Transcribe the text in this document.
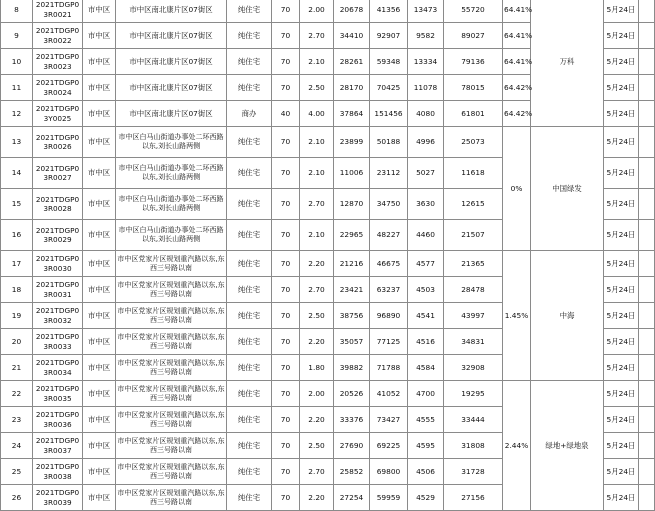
8	2021TDGP03R0021	市中区	市中区南北康片区07街区	纯住宅	70	2.00	20678	41356	13473	55720	64.41%	万科	5月24日	
9	2021TDGP03R0022	市中区	市中区南北康片区07街区	纯住宅	70	2.70	34410	92907	9582	89027	64.41%		5月24日	
10	2021TDGP03R0023	市中区	市中区南北康片区07街区	纯住宅	70	2.10	28261	59348	13334	79136	64.41%		5月24日	
11	2021TDGP03R0024	市中区	市中区南北康片区07街区	纯住宅	70	2.50	28170	70425	11078	78015	64.42%		5月24日	
12	2021TDGP03Y0025	市中区	市中区南北康片区07街区	商办	40	4.00	37864	151456	4080	61801	64.42%		5月24日	
13	2021TDGP03R0026	市中区	市中区白马山街道办事处二环西路以东,刘长山路两侧	纯住宅	70	2.10	23899	50188	4996	25073	0%	中国绿发	5月24日	
14	2021TDGP03R0027	市中区	市中区白马山街道办事处二环西路以东,刘长山路两侧	纯住宅	70	2.10	11006	23112	5027	11618			5月24日	
15	2021TDGP03R0028	市中区	市中区白马山街道办事处二环西路以东,刘长山路两侧	纯住宅	70	2.70	12870	34750	3630	12615			5月24日	
16	2021TDGP03R0029	市中区	市中区白马山街道办事处二环西路以东,刘长山路两侧	纯住宅	70	2.10	22965	48227	4460	21507			5月24日	
17	2021TDGP03R0030	市中区	市中区党家片区规划重汽路以东,东西三号路以南	纯住宅	70	2.20	21216	46675	4577	21365	1.45%	中海	5月24日	
18	2021TDGP03R0031	市中区	市中区党家片区规划重汽路以东,东西三号路以南	纯住宅	70	2.70	23421	63237	4503	28478			5月24日	
19	2021TDGP03R0032	市中区	市中区党家片区规划重汽路以东,东西三号路以南	纯住宅	70	2.50	38756	96890	4541	43997			5月24日	
20	2021TDGP03R0033	市中区	市中区党家片区规划重汽路以东,东西三号路以南	纯住宅	70	2.20	35057	77125	4516	34831			5月24日	
21	2021TDGP03R0034	市中区	市中区党家片区规划重汽路以东,东西三号路以南	纯住宅	70	1.80	39882	71788	4584	32908			5月24日	
22	2021TDGP03R0035	市中区	市中区党家片区规划重汽路以东,东西三号路以南	纯住宅	70	2.00	20526	41052	4700	19295	2.44%	绿地+绿地泉	5月24日	
23	2021TDGP03R0036	市中区	市中区党家片区规划重汽路以东,东西三号路以南	纯住宅	70	2.20	33376	73427	4555	33444			5月24日	
24	2021TDGP03R0037	市中区	市中区党家片区规划重汽路以东,东西三号路以南	纯住宅	70	2.50	27690	69225	4595	31808			5月24日	
25	2021TDGP03R0038	市中区	市中区党家片区规划重汽路以东,东西三号路以南	纯住宅	70	2.70	25852	69800	4506	31728			5月24日	
26	2021TDGP03R0039	市中区	市中区党家片区规划重汽路以东,东西三号路以南	纯住宅	70	2.20	27254	59959	4529	27156			5月24日	
